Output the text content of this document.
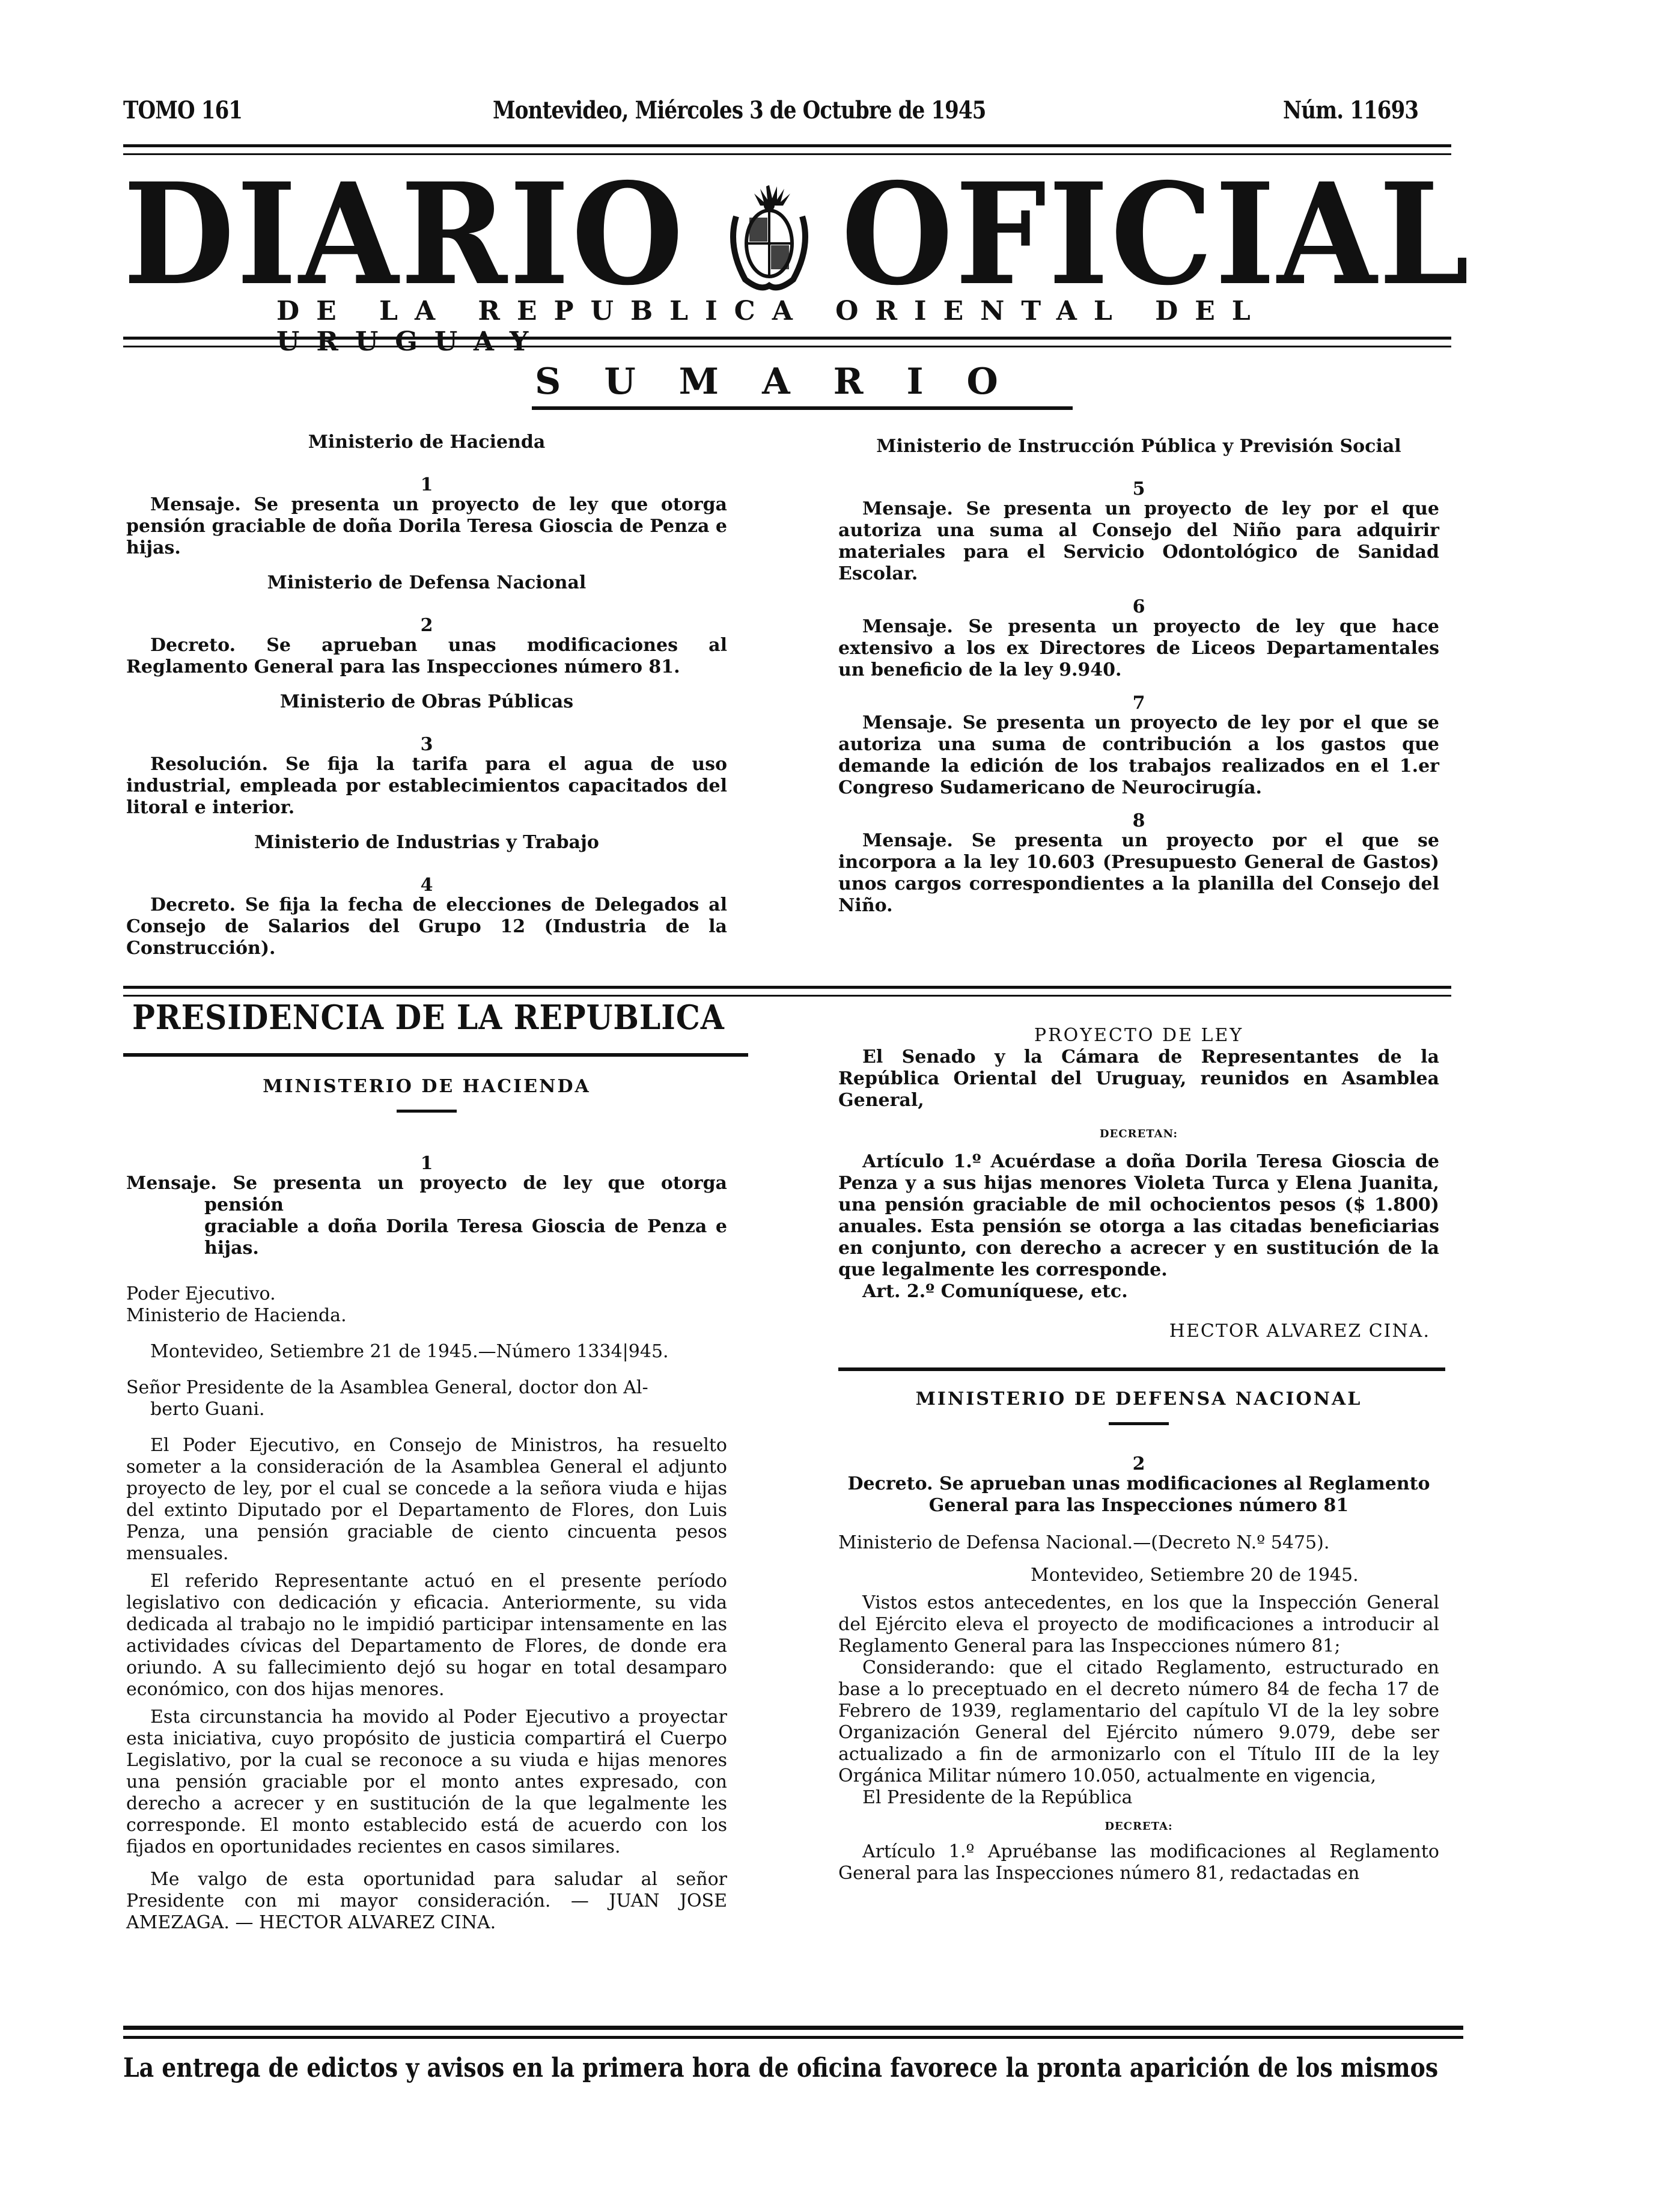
TOMO 161	Montevideo, Miércoles 3 de Octubre de 1945	Núm. 11693
DIARIO OFICIAL
DE LA REPUBLICA ORIENTAL DEL URUGUAY
SUMARIO

Ministerio de Hacienda

1

Mensaje. Se presenta un proyecto de ley que otorga pensión graciable de doña Dorila Teresa Gioscia de Penza e hijas.

Ministerio de Defensa Nacional

2

Decreto. Se aprueban unas modificaciones al Reglamento General para las Inspecciones número 81.

Ministerio de Obras Públicas

3

Resolución. Se fija la tarifa para el agua de uso industrial, empleada por establecimientos capacitados del litoral e interior.

Ministerio de Industrias y Trabajo

4

Decreto. Se fija la fecha de elecciones de Delegados al Consejo de Salarios del Grupo 12 (Industria de la Construcción).

Ministerio de Instrucción Pública y Previsión Social

5

Mensaje. Se presenta un proyecto de ley por el que autoriza una suma al Consejo del Niño para adquirir materiales para el Servicio Odontológico de Sanidad Escolar.

6

Mensaje. Se presenta un proyecto de ley que hace extensivo a los ex Directores de Liceos Departamentales un beneficio de la ley 9.940.

7

Mensaje. Se presenta un proyecto de ley por el que se autoriza una suma de contribución a los gastos que demande la edición de los trabajos realizados en el 1.er Congreso Sudamericano de Neurocirugía.

8

Mensaje. Se presenta un proyecto por el que se incorpora a la ley 10.603 (Presupuesto General de Gastos) unos cargos correspondientes a la planilla del Consejo del Niño.

PRESIDENCIA DE LA REPUBLICA

MINISTERIO DE HACIENDA

1

Mensaje. Se presenta un proyecto de ley que otorga pensión

graciable a doña Dorila Teresa Gioscia de Penza e hijas.

Poder Ejecutivo.

Ministerio de Hacienda.

Montevideo, Setiembre 21 de 1945.—Número 1334|945.

Señor Presidente de la Asamblea General, doctor don Al-

berto Guani.

El Poder Ejecutivo, en Consejo de Ministros, ha resuelto someter a la consideración de la Asamblea General el adjunto proyecto de ley, por el cual se concede a la señora viuda e hijas del extinto Diputado por el Departamento de Flores, don Luis Penza, una pensión graciable de ciento cincuenta pesos mensuales.

El referido Representante actuó en el presente período legislativo con dedicación y eficacia. Anteriormente, su vida dedicada al trabajo no le impidió participar intensamente en las actividades cívicas del Departamento de Flores, de donde era oriundo. A su fallecimiento dejó su hogar en total desamparo económico, con dos hijas menores.

Esta circunstancia ha movido al Poder Ejecutivo a proyectar esta iniciativa, cuyo propósito de justicia compartirá el Cuerpo Legislativo, por la cual se reconoce a su viuda e hijas menores una pensión graciable por el monto antes expresado, con derecho a acrecer y en sustitución de la que legalmente les corresponde. El monto establecido está de acuerdo con los fijados en oportunidades recientes en casos similares.

Me valgo de esta oportunidad para saludar al señor Presidente con mi mayor consideración. — JUAN JOSE AMEZAGA. — HECTOR ALVAREZ CINA.

PROYECTO DE LEY

El Senado y la Cámara de Representantes de la República Oriental del Uruguay, reunidos en Asamblea General,

DECRETAN:

Artículo 1.º Acuérdase a doña Dorila Teresa Gioscia de Penza y a sus hijas menores Violeta Turca y Elena Juanita, una pensión graciable de mil ochocientos pesos ($ 1.800) anuales. Esta pensión se otorga a las citadas beneficiarias en conjunto, con derecho a acrecer y en sustitución de la que legalmente les corresponde.

Art. 2.º Comuníquese, etc.

HECTOR ALVAREZ CINA.

MINISTERIO DE DEFENSA NACIONAL

2

Decreto. Se aprueban unas modificaciones al Reglamento General para las Inspecciones número 81

Ministerio de Defensa Nacional.—(Decreto N.º 5475).

Montevideo, Setiembre 20 de 1945.

Vistos estos antecedentes, en los que la Inspección General del Ejército eleva el proyecto de modificaciones a introducir al Reglamento General para las Inspecciones número 81;

Considerando: que el citado Reglamento, estructurado en base a lo preceptuado en el decreto número 84 de fecha 17 de Febrero de 1939, reglamentario del capítulo VI de la ley sobre Organización General del Ejército número 9.079, debe ser actualizado a fin de armonizarlo con el Título III de la ley Orgánica Militar número 10.050, actualmente en vigencia,

El Presidente de la República

DECRETA:

Artículo 1.º Apruébanse las modificaciones al Reglamento General para las Inspecciones número 81, redactadas en

La entrega de edictos y avisos en la primera hora de oficina favorece la pronta aparición de los mismos
